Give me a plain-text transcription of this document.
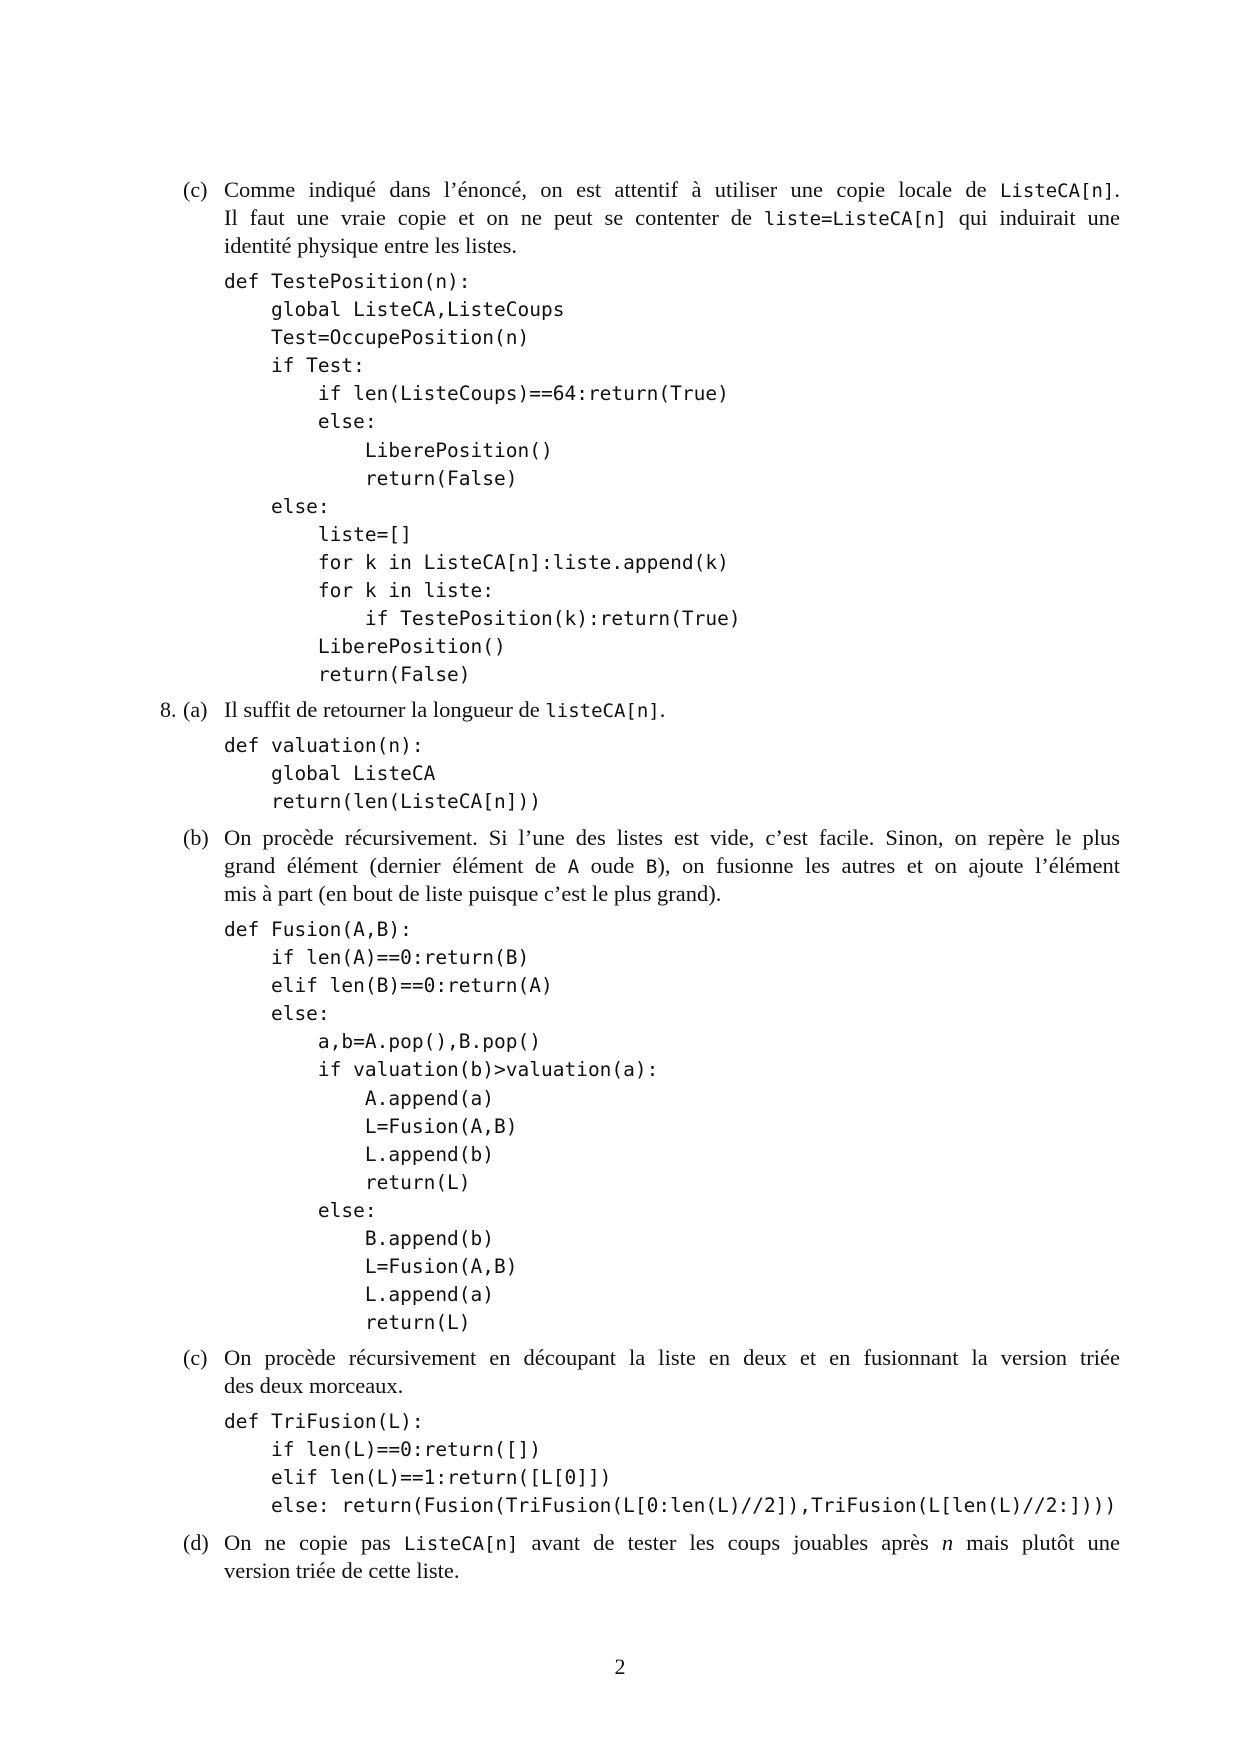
(c) Comme indiqué dans l’énoncé, on est attentif à utiliser une copie locale de ListeCA[n].
Il faut une vraie copie et on ne peut se contenter de liste=ListeCA[n] qui induirait une
identité physique entre les listes.
def TestePosition(n):
global ListeCA,ListeCoups
Test=OccupePosition(n)
if Test:
if len(ListeCoups)==64:return(True)
else:
LiberePosition()
return(False)
else:
liste=[]
for k in ListeCA[n]:liste.append(k)
for k in liste:
if TestePosition(k):return(True)
LiberePosition()
return(False)
8. (a) Il suffit de retourner la longueur de listeCA[n].
def valuation(n):
global ListeCA
return(len(ListeCA[n]))
(b) On procède récursivement. Si l’une des listes est vide, c’est facile. Sinon, on repère le plus
grand élément (dernier élément de A oude B), on fusionne les autres et on ajoute l’élément
mis à part (en bout de liste puisque c’est le plus grand).
def Fusion(A,B):
if len(A)==0:return(B)
elif len(B)==0:return(A)
else:
a,b=A.pop(),B.pop()
if valuation(b)>valuation(a):
A.append(a)
L=Fusion(A,B)
L.append(b)
return(L)
else:
B.append(b)
L=Fusion(A,B)
L.append(a)
return(L)
(c) On procède récursivement en découpant la liste en deux et en fusionnant la version triée
des deux morceaux.
def TriFusion(L):
if len(L)==0:return([])
elif len(L)==1:return([L[0]])
else: return(Fusion(TriFusion(L[0:len(L)//2]),TriFusion(L[len(L)//2:])))
(d) On ne copie pas ListeCA[n] avant de tester les coups jouables après n mais plutôt une
version triée de cette liste.
2
